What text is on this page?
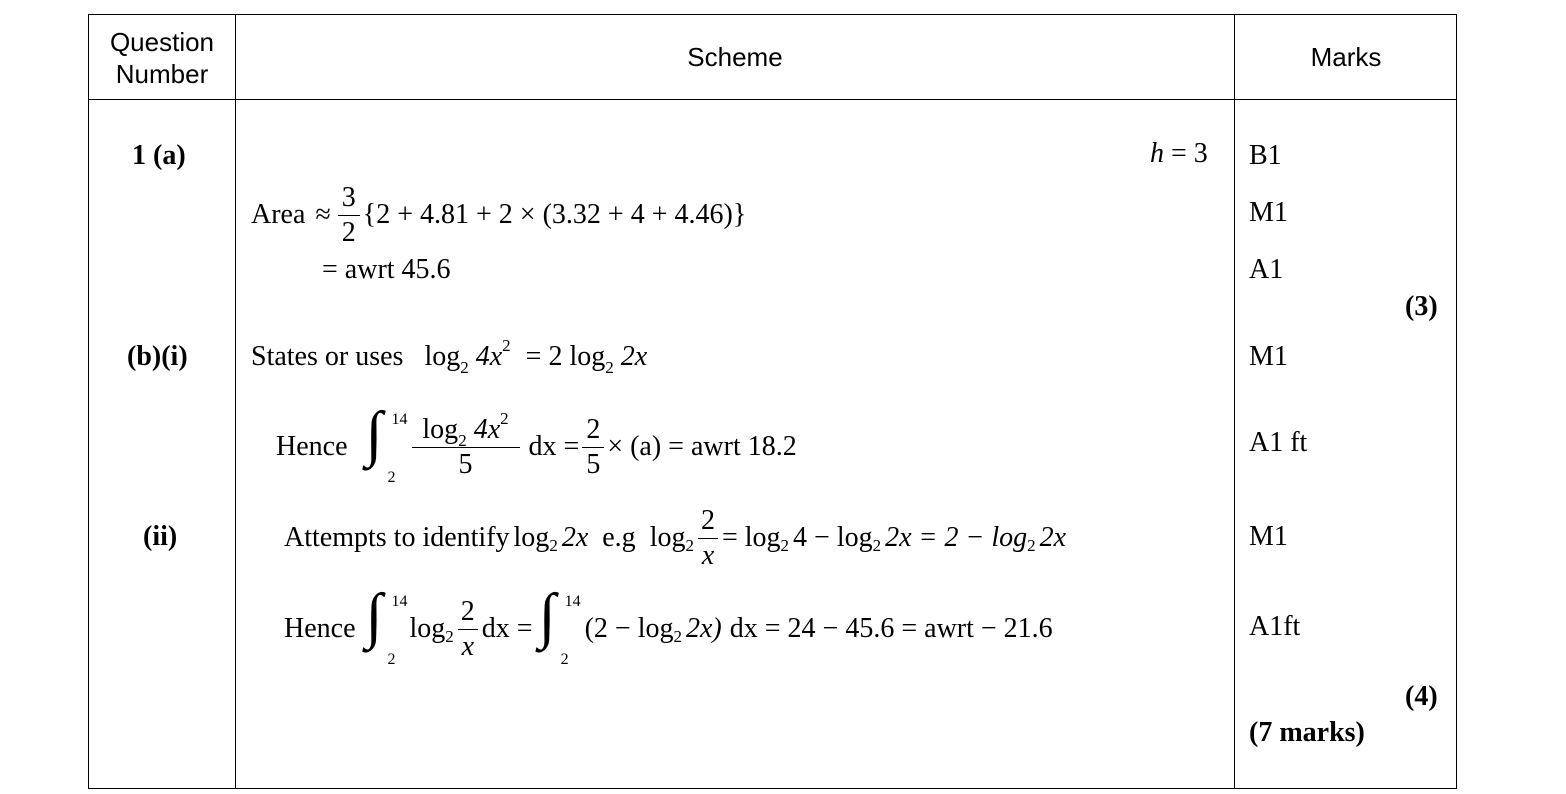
Question
Number
Scheme	Marks
1 (a)
(b)(i)
(ii)
h = 3
Area ≈ $\frac{3}{2} \{2 + 4.81 + 2 \times (3.32 + 4 + 4.46)\}$
= awrt 45.6
States or uses $\log_2 4x^2 = 2$ $\log_2 2x$
Hence ∫ 14
$2 \frac{\log_2 4x^2}{5}$ dx = $\frac{2}{5} \times (a)$ = awrt 18.2
Attempts to identify log 2 2x e.g $\log 2 \frac{2}{x} = \log 2$ 4 − log 2 2x = 2 − log 2 2x
Hence ∫ 14
2
$\log 2 \frac{2}{x}$ dx = ∫ 14
2
(2 − log 2 2x) dx = 24 − 45.6 = awrt − 21.6
B1
M1
A1
(3)
M1
A1 ft
M1
A1ft
(4)
(7 marks)
